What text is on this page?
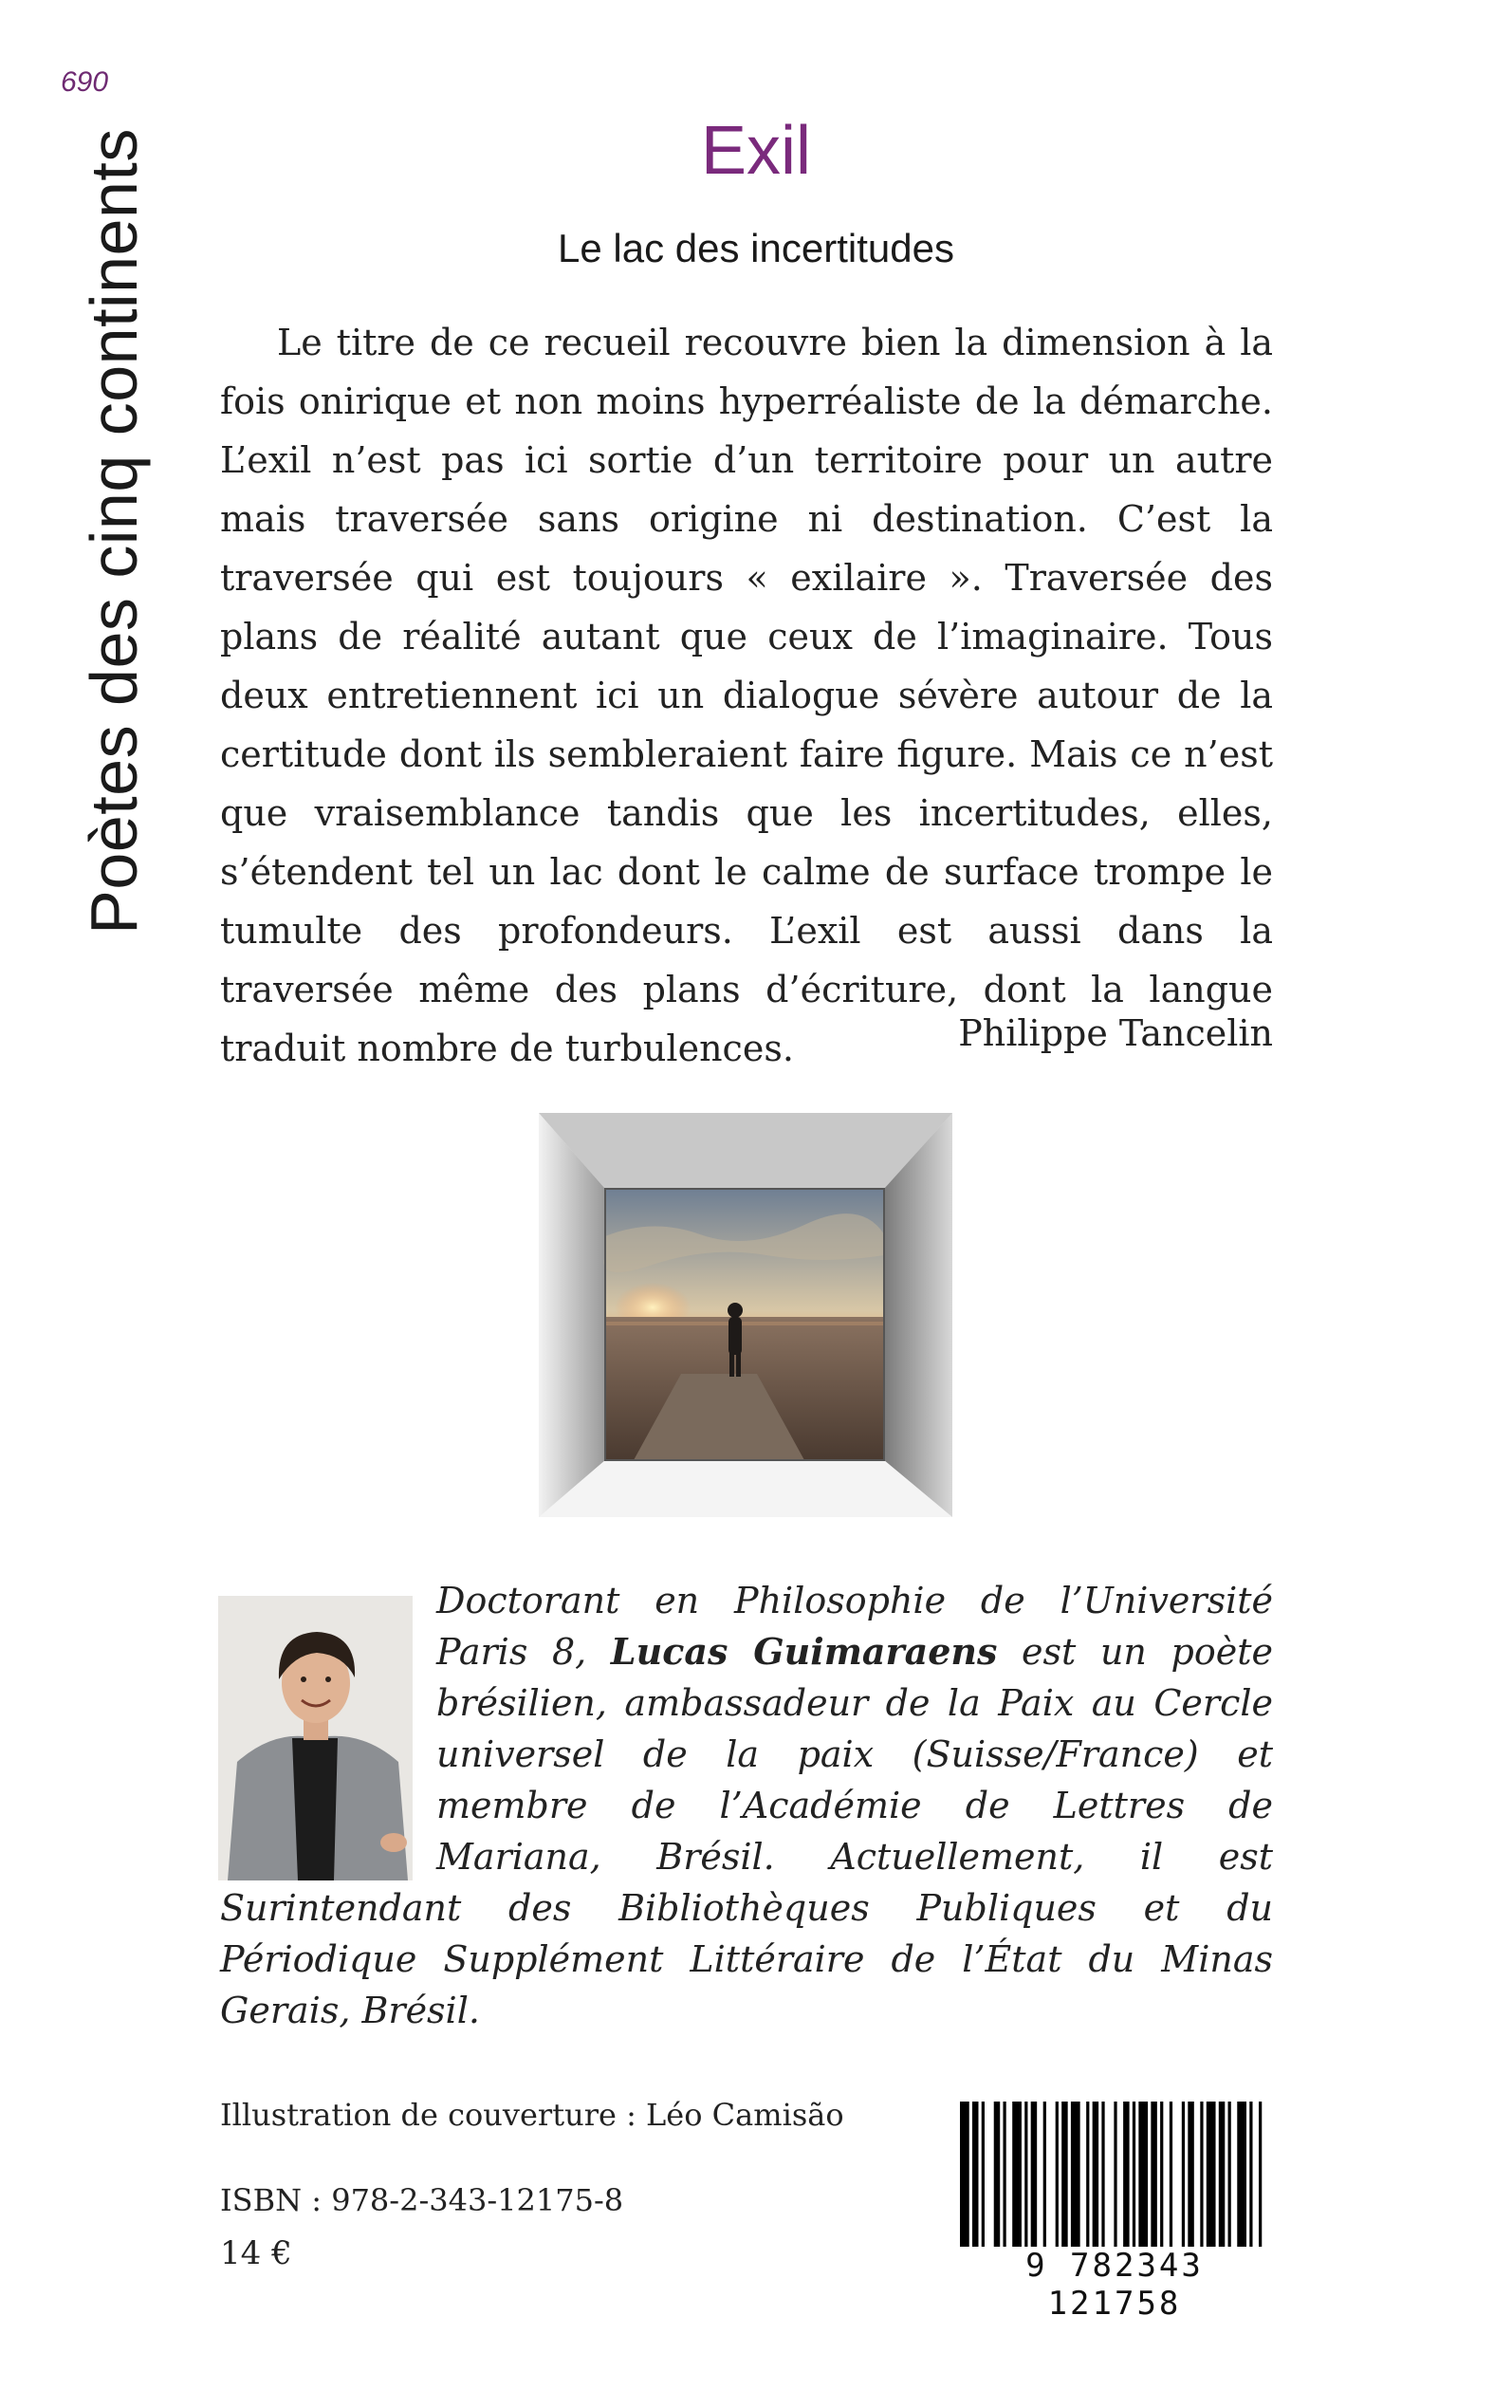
690
Poètes des cinq continents	Exil
Le lac des incertitudes

Le titre de ce recueil recouvre bien la dimension à la fois onirique et non moins hyperréaliste de la démarche. L’exil n’est pas ici sortie d’un territoire pour un autre mais traversée sans origine ni destination. C’est la traversée qui est toujours « exilaire ». Traversée des plans de réalité autant que ceux de l’imaginaire. Tous deux entretiennent ici un dialogue sévère autour de la certitude dont ils sembleraient faire figure. Mais ce n’est que vraisemblance tandis que les incertitudes, elles, s’étendent tel un lac dont le calme de surface trompe le tumulte des profondeurs. L’exil est aussi dans la traversée même des plans d’écriture, dont la langue traduit nombre de turbulences.	Philippe Tancelin

Doctorant en Philosophie de l’Université Paris 8, Lucas Guimaraens est un poète brésilien, ambassadeur de la Paix au Cercle universel de la paix (Suisse/France) et membre de l’Académie de Lettres de Mariana, Brésil. Actuellement, il est Surintendant des Bibliothèques Publiques et du Périodique Supplément Littéraire de l’État du Minas Gerais, Brésil.

Illustration de couverture : Léo Camisão
ISBN : 978-2-343-12175-8
14 €	9 782343 121758
